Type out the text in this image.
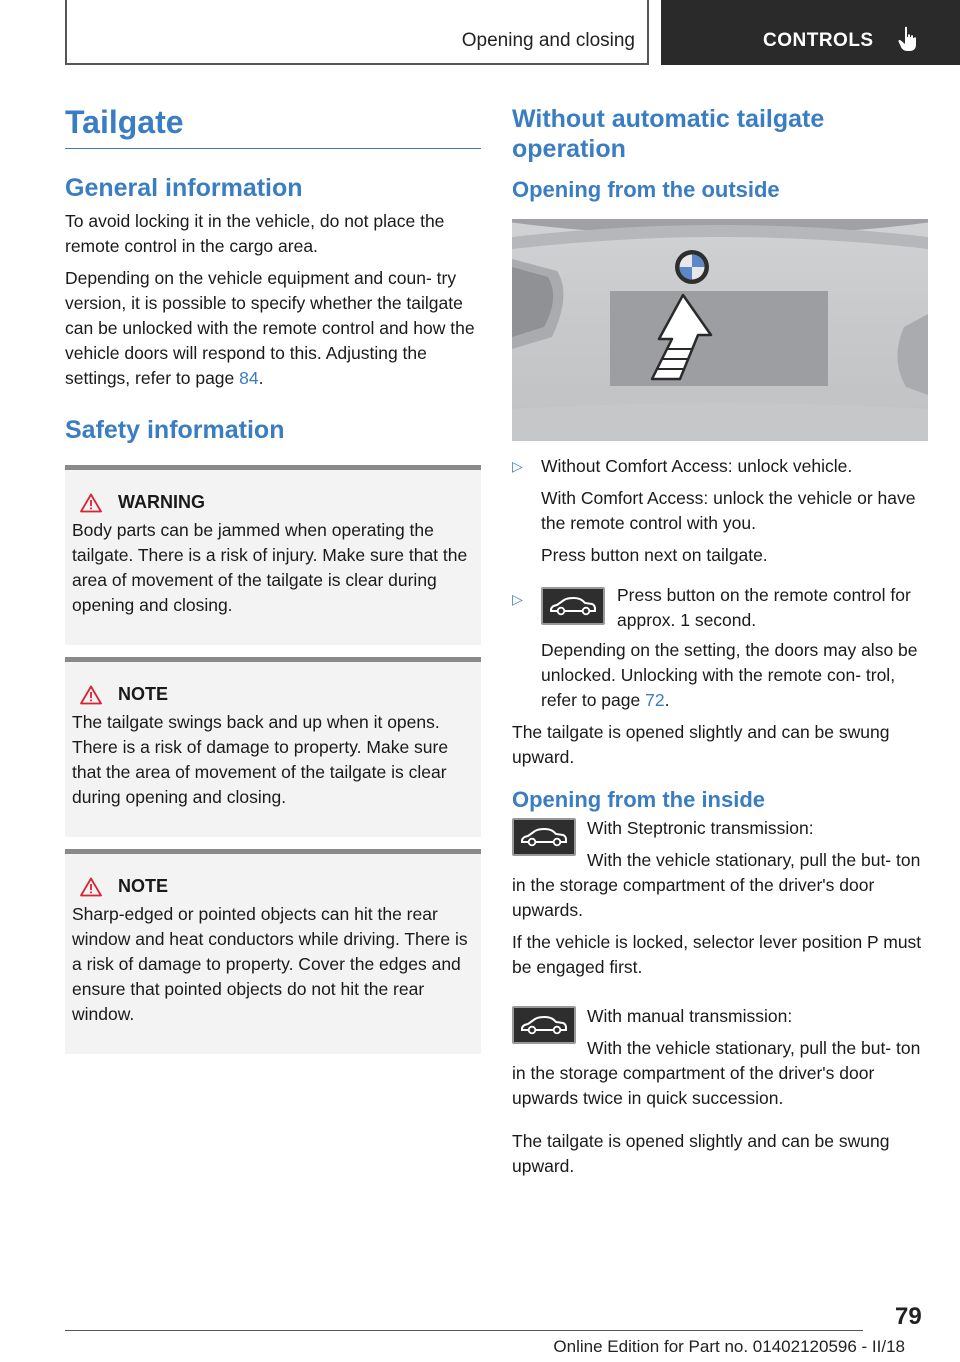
Opening and closing	CONTROLS
Tailgate
General information

To avoid locking it in the vehicle, do not place the remote control in the cargo area.

Depending on the vehicle equipment and coun‐ try version, it is possible to specify whether the tailgate can be unlocked with the remote control and how the vehicle doors will respond to this. Adjusting the settings, refer to page 84.

Safety information
WARNING

Body parts can be jammed when operating the tailgate. There is a risk of injury. Make sure that the area of movement of the tailgate is clear during opening and closing.

NOTE

The tailgate swings back and up when it opens. There is a risk of damage to property. Make sure that the area of movement of the tailgate is clear during opening and closing.

NOTE

Sharp-edged or pointed objects can hit the rear window and heat conductors while driving. There is a risk of damage to property. Cover the edges and ensure that pointed objects do not hit the rear window.

Without automatic tailgate operation
Opening from the outside
▷ Without Comfort Access: unlock vehicle.

With Comfort Access: unlock the vehicle or have the remote control with you.

Press button next on tailgate.

▷	Press button on the remote control for approx. 1 second.

Depending on the setting, the doors may also be unlocked. Unlocking with the remote con‐ trol, refer to page 72.

The tailgate is opened slightly and can be swung upward.

Opening from the inside

With Steptronic transmission:

With the vehicle stationary, pull the but‐ ton in the storage compartment of the driver's door upwards.

If the vehicle is locked, selector lever position P must be engaged first.

With manual transmission:

With the vehicle stationary, pull the but‐ ton in the storage compartment of the driver's door upwards twice in quick succession.

The tailgate is opened slightly and can be swung upward.

79
Online Edition for Part no. 01402120596 - II/18
